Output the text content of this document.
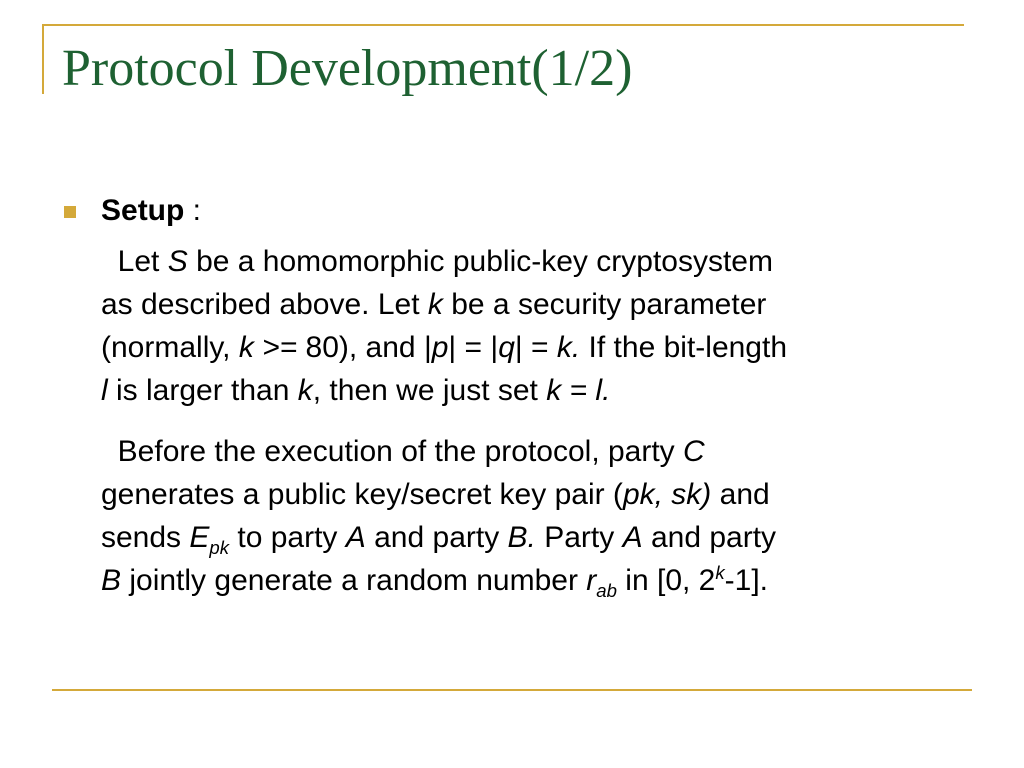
Protocol Development(1/2)
Setup :

Let S be a homomorphic public-key cryptosystem
as described above. Let k be a security parameter
(normally, k >= 80), and |p| = |q| = k. If the bit-length
l is larger than k, then we just set k = l.

Before the execution of the protocol, party C
generates a public key/secret key pair (pk, sk) and
sends $E_{pk}$ to party A and party B. Party A and party
B jointly generate a random number $r_{ab}$ in [0, 2$^k$-1].
